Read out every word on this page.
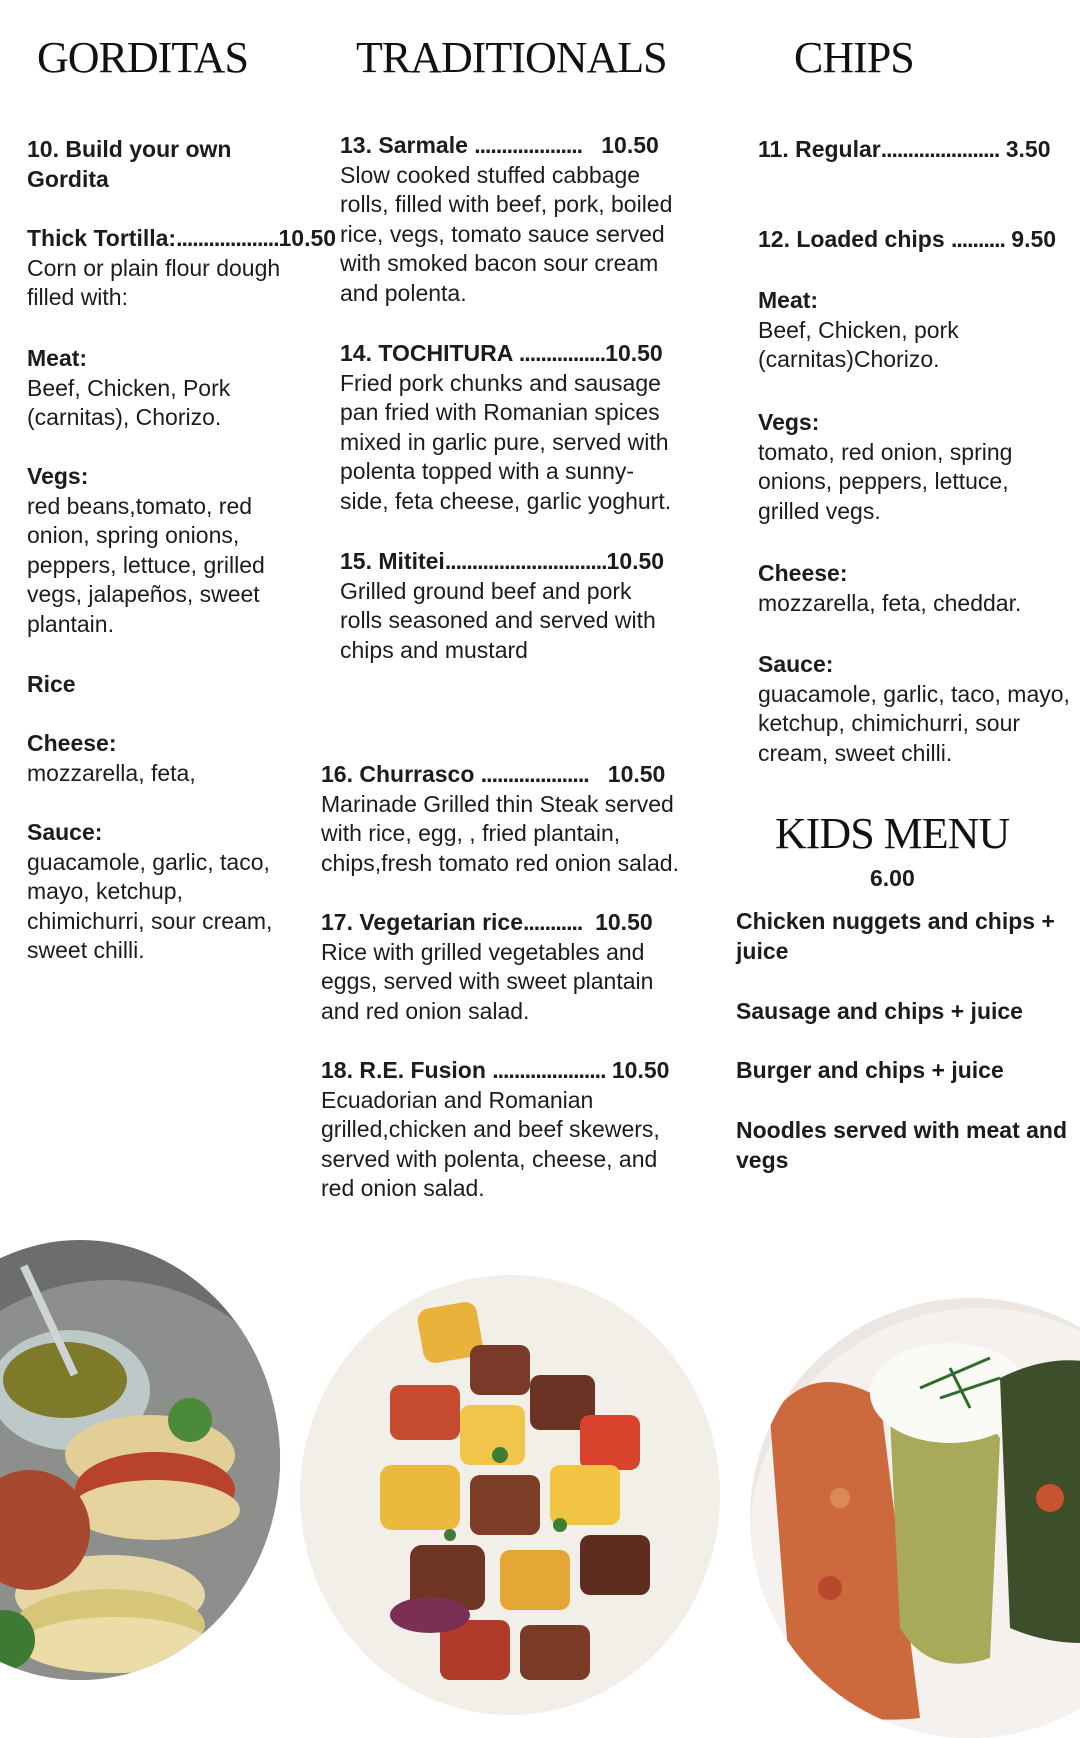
GORDITAS TRADITIONALS	CHIPS
10. Build your own
Gordita
Thick Tortilla:...................10.50
Corn or plain flour dough
filled with:
Meat:
Beef, Chicken, Pork
(carnitas), Chorizo.
Vegs:
red beans,tomato, red
onion, spring onions,
peppers, lettuce, grilled
vegs, jalapeños, sweet
plantain.
Rice
Cheese:
mozzarella, feta,
Sauce:
guacamole, garlic, taco,
mayo, ketchup,
chimichurri, sour cream,
sweet chilli.
13. Sarmale .................... 10.50
Slow cooked stuffed cabbage
rolls, filled with beef, pork, boiled
rice, vegs, tomato sauce served
with smoked bacon sour cream
and polenta.
14. TOCHITURA ................10.50
Fried pork chunks and sausage
pan fried with Romanian spices
mixed in garlic pure, served with
polenta topped with a sunny-
side, feta cheese, garlic yoghurt.
15. Mititei..............................10.50
Grilled ground beef and pork
rolls seasoned and served with
chips and mustard
16. Churrasco .................... 10.50
Marinade Grilled thin Steak served
with rice, egg, , fried plantain,
chips,fresh tomato red onion salad.
17. Vegetarian rice........... 10.50
Rice with grilled vegetables and
eggs, served with sweet plantain
and red onion salad.
18. R.E. Fusion ..................... 10.50
Ecuadorian and Romanian
grilled,chicken and beef skewers,
served with polenta, cheese, and
red onion salad.
11. Regular...................... 3.50
12. Loaded chips .......... 9.50
Meat:
Beef, Chicken, pork
(carnitas)Chorizo.
Vegs:
tomato, red onion, spring
onions, peppers, lettuce,
grilled vegs.
Cheese:
mozzarella, feta, cheddar.
Sauce:
guacamole, garlic, taco, mayo,
ketchup, chimichurri, sour
cream, sweet chilli.
KIDS MENU
6.00
Chicken nuggets and chips +
juice
Sausage and chips + juice
Burger and chips + juice
Noodles served with meat and
vegs
